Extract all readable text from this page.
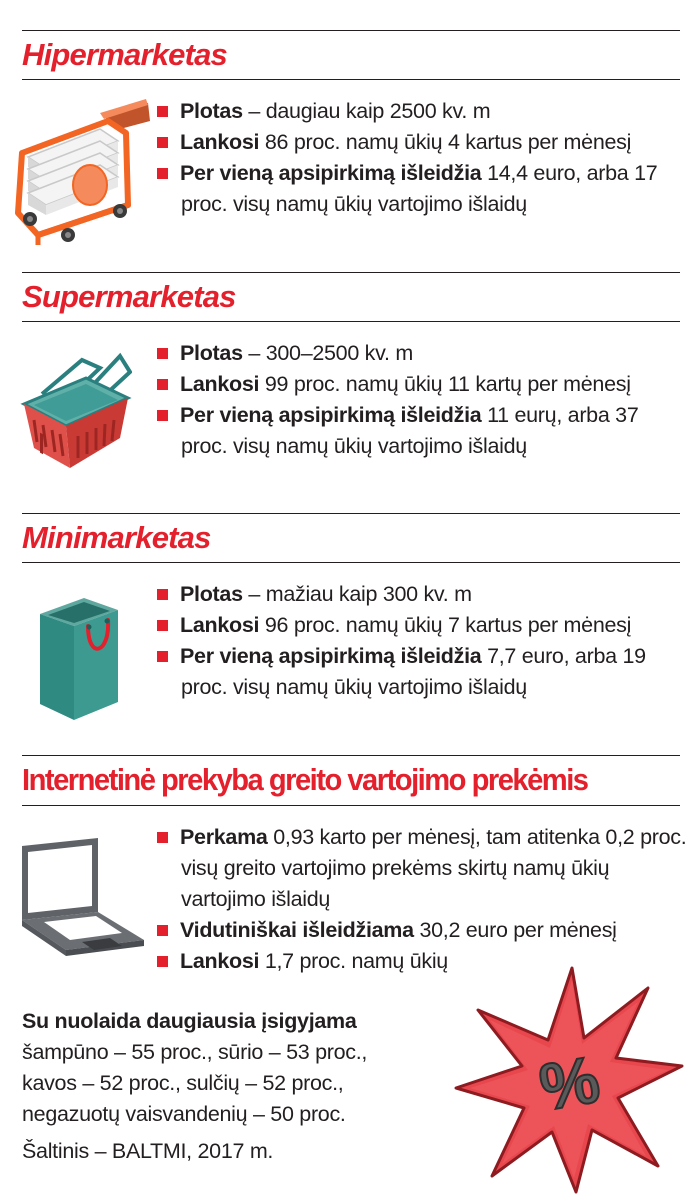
Hipermarketas
Plotas – daugiau kaip 2500 kv. m
Lankosi 86 proc. namų ūkių 4 kartus per mėnesį
Per vieną apsipirkimą išleidžia 14,4 euro, arba 17 proc. visų namų ūkių vartojimo išlaidų
Supermarketas
Plotas – 300–2500 kv. m
Lankosi 99 proc. namų ūkių 11 kartų per mėnesį
Per vieną apsipirkimą išleidžia 11 eurų, arba 37 proc. visų namų ūkių vartojimo išlaidų
Minimarketas
Plotas – mažiau kaip 300 kv. m
Lankosi 96 proc. namų ūkių 7 kartus per mėnesį
Per vieną apsipirkimą išleidžia 7,7 euro, arba 19 proc. visų namų ūkių vartojimo išlaidų
Internetinė prekyba greito vartojimo prekėmis
Perkama 0,93 karto per mėnesį, tam atitenka 0,2 proc. visų greito vartojimo prekėms skirtų namų ūkių vartojimo išlaidų
Vidutiniškai išleidžiama 30,2 euro per mėnesį
Lankosi 1,7 proc. namų ūkių
Su nuolaida daugiausia įsigyjama
šampūno – 55 proc., sūrio – 53 proc.,
kavos – 52 proc., sulčių – 52 proc.,
negazuotų vaisvandenių – 50 proc.	%
Šaltinis – BALTMI, 2017 m.
